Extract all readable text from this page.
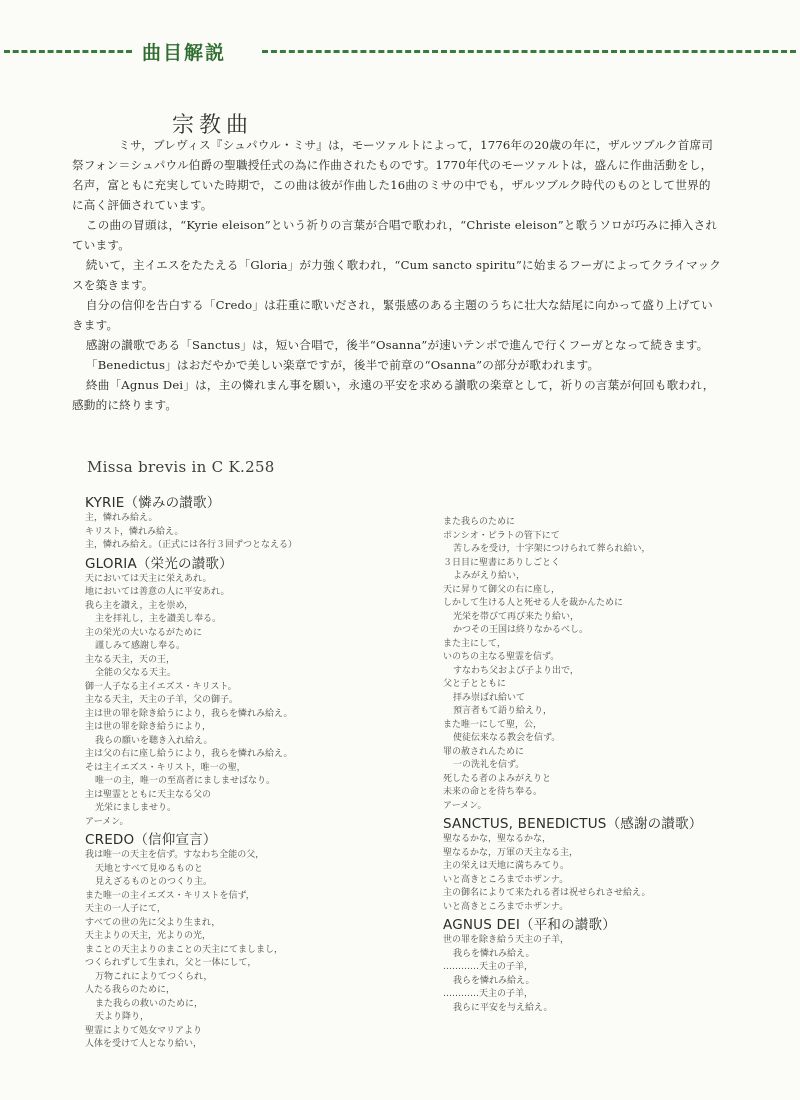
曲目解説
宗教曲

ミサ，ブレヴィス『シュパウル・ミサ』は，モーツァルトによって，1776年の20歳の年に，ザルツブルク首席司祭フォン＝シュパウル伯爵の聖職授任式の為に作曲されたものです。1770年代のモーツァルトは，盛んに作曲活動をし，名声，富ともに充実していた時期で，この曲は彼が作曲した16曲のミサの中でも，ザルツブルク時代のものとして世界的に高く評価されています。

この曲の冒頭は，“Kyrie eleison”という祈りの言葉が合唱で歌われ，“Christe eleison”と歌うソロが巧みに挿入されています。

続いて，主イエスをたたえる「Gloria」が力強く歌われ，“Cum sancto spiritu”に始まるフーガによってクライマックスを築きます。

自分の信仰を告白する「Credo」は荘重に歌いだされ，緊張感のある主題のうちに壮大な結尾に向かって盛り上げていきます。

感謝の讃歌である「Sanctus」は，短い合唱で，後半“Osanna”が速いテンポで進んで行くフーガとなって続きます。

「Benedictus」はおだやかで美しい楽章ですが，後半で前章の“Osanna”の部分が歌われます。

終曲「Agnus Dei」は，主の憐れまん事を願い，永遠の平安を求める讃歌の楽章として，祈りの言葉が何回も歌われ，感動的に終ります。

Missa brevis in C K.258
KYRIE（憐みの讃歌）
主，憐れみ給え。
キリスト，憐れみ給え。
主，憐れみ給え。（正式には各行３回ずつとなえる）
GLORIA（栄光の讃歌）
天においては天主に栄えあれ。
地においては善意の人に平安あれ。
我ら主を讃え，主を崇め，
主を拝礼し，主を讃美し奉る。
主の栄光の大いなるがために
謹しみて感謝し奉る。
主なる天主，天の王，
全能の父なる天主。
御一人子なる主イエズス・キリスト。
主なる天主，天主の子羊，父の御子。
主は世の罪を除き給うにより，我らを憐れみ給え。
主は世の罪を除き給うにより，
我らの願いを聴き入れ給え。
主は父の右に座し給うにより，我らを憐れみ給え。
そは主イエズス・キリスト，唯一の聖，
唯一の主，唯一の至高者にましませばなり。
主は聖霊とともに天主なる父の
光栄にましませり。
アーメン。
CREDO（信仰宣言）
我は唯一の天主を信ず。すなわち全能の父，
天地とすべて見ゆるものと
見えざるものとのつくり主。
また唯一の主イエズス・キリストを信ず，
天主の一人子にて，
すべての世の先に父より生まれ，
天主よりの天主，光よりの光，
まことの天主よりのまことの天主にてましまし，
つくられずして生まれ，父と一体にして，
万物これによりてつくられ，
人たる我らのために，
また我らの救いのために，
天より降り，
聖霊によりて処女マリアより
人体を受けて人となり給い，
また我らのために
ポンシオ・ピラトの管下にて
苦しみを受け，十字架につけられて葬られ給い，
３日目に聖書にありしごとく
よみがえり給い，
天に昇りて御父の右に座し，
しかして生ける人と死せる人を裁かんために
光栄を帯びて再び来たり給い，
かつその王国は終りなかるべし。
また主にして，
いのちの主なる聖霊を信ず。
すなわち父および子より出で，
父と子とともに
拝み崇ばれ給いて
預言者もて語り給えり，
また唯一にして聖，公，
使徒伝来なる教会を信ず。
罪の赦されんために
一の洗礼を信ず。
死したる者のよみがえりと
未来の命とを待ち奉る。
アーメン。
SANCTUS, BENEDICTUS（感謝の讃歌）
聖なるかな，聖なるかな，
聖なるかな，万軍の天主なる主，
主の栄えは天地に満ちみてり。
いと高きところまでホザンナ。
主の御名によりて来たれる者は祝せられさせ給え。
いと高きところまでホザンナ。
AGNUS DEI（平和の讃歌）
世の罪を除き給う天主の子羊，
我らを憐れみ給え。
…………天主の子羊，
我らを憐れみ給え。
…………天主の子羊，
我らに平安を与え給え。
